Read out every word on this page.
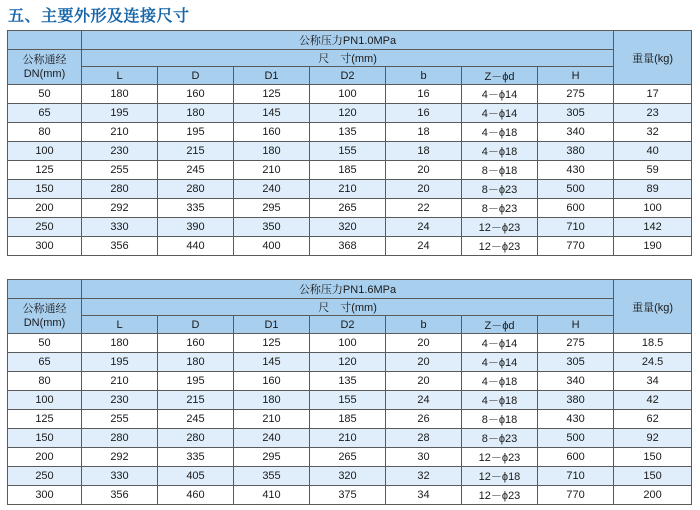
五、主要外形及连接尺寸
	公称压力PN1.0MPa							重量(kg)
公称通经
DN(mm)	尺　寸(mm)							
	L	D	D1	D2	b	Z－ϕd	H	
50	180	160	125	100	16	4－ϕ14	275	17
65	195	180	145	120	16	4－ϕ14	305	23
80	210	195	160	135	18	4－ϕ18	340	32
100	230	215	180	155	18	4－ϕ18	380	40
125	255	245	210	185	20	8－ϕ18	430	59
150	280	280	240	210	20	8－ϕ23	500	89
200	292	335	295	265	22	8－ϕ23	600	100
250	330	390	350	320	24	12－ϕ23	710	142
300	356	440	400	368	24	12－ϕ23	770	190
	公称压力PN1.6MPa							重量(kg)
公称通经
DN(mm)	尺　寸(mm)							
	L	D	D1	D2	b	Z－ϕd	H	
50	180	160	125	100	20	4－ϕ14	275	18.5
65	195	180	145	120	20	4－ϕ14	305	24.5
80	210	195	160	135	20	4－ϕ18	340	34
100	230	215	180	155	24	4－ϕ18	380	42
125	255	245	210	185	26	8－ϕ18	430	62
150	280	280	240	210	28	8－ϕ23	500	92
200	292	335	295	265	30	12－ϕ23	600	150
250	330	405	355	320	32	12－ϕ18	710	150
300	356	460	410	375	34	12－ϕ23	770	200
